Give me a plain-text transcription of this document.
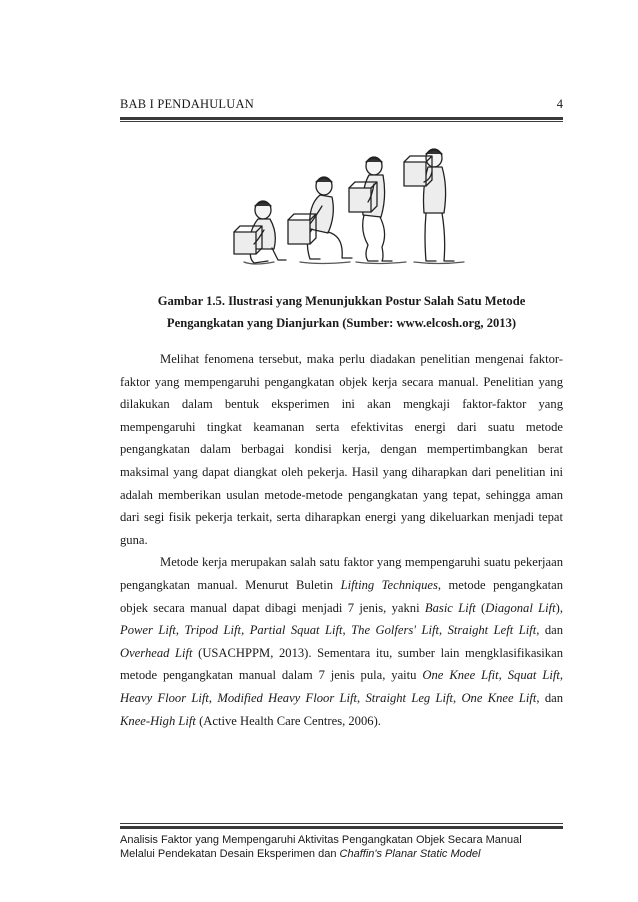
BAB I PENDAHULUAN	4
Gambar 1.5. Ilustrasi yang Menunjukkan Postur Salah Satu Metode
Pengangkatan yang Dianjurkan (Sumber: www.elcosh.org, 2013)

Melihat fenomena tersebut, maka perlu diadakan penelitian mengenai faktor-faktor yang mempengaruhi pengangkatan objek kerja secara manual. Penelitian yang dilakukan dalam bentuk eksperimen ini akan mengkaji faktor-faktor yang mempengaruhi tingkat keamanan serta efektivitas energi dari suatu metode pengangkatan dalam berbagai kondisi kerja, dengan mempertimbangkan berat maksimal yang dapat diangkat oleh pekerja. Hasil yang diharapkan dari penelitian ini adalah memberikan usulan metode-metode pengangkatan yang tepat, sehingga aman dari segi fisik pekerja terkait, serta diharapkan energi yang dikeluarkan menjadi tepat guna.

Metode kerja merupakan salah satu faktor yang mempengaruhi suatu pekerjaan pengangkatan manual. Menurut Buletin Lifting Techniques, metode pengangkatan objek secara manual dapat dibagi menjadi 7 jenis, yakni Basic Lift (Diagonal Lift), Power Lift, Tripod Lift, Partial Squat Lift, The Golfers' Lift, Straight Left Lift, dan Overhead Lift (USACHPPM, 2013). Sementara itu, sumber lain mengklasifikasikan metode pengangkatan manual dalam 7 jenis pula, yaitu One Knee Lfit, Squat Lift, Heavy Floor Lift, Modified Heavy Floor Lift, Straight Leg Lift, One Knee Lift, dan Knee-High Lift (Active Health Care Centres, 2006).

Analisis Faktor yang Mempengaruhi Aktivitas Pengangkatan Objek Secara Manual
Melalui Pendekatan Desain Eksperimen dan Chaffin's Planar Static Model
